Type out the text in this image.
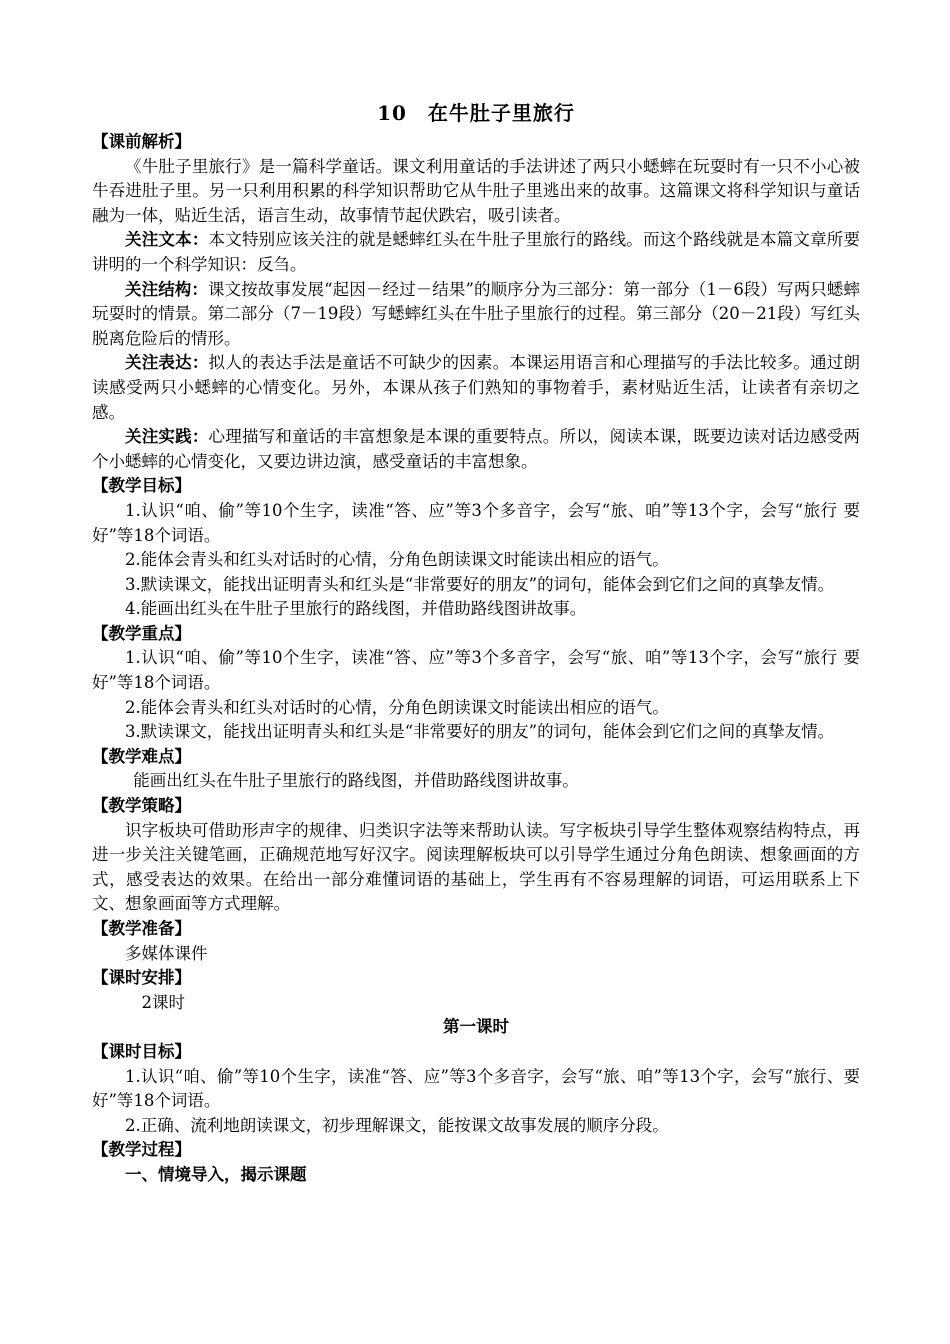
10　在牛肚子里旅行
【课前解析】
《牛肚子里旅行》是一篇科学童话。课文利用童话的手法讲述了两只小蟋蟀在玩耍时有一只不小心被牛吞进肚子里。另一只利用积累的科学知识帮助它从牛肚子里逃出来的故事。这篇课文将科学知识与童话融为一体，贴近生活，语言生动，故事情节起伏跌宕，吸引读者。
关注文本：本文特别应该关注的就是蟋蟀红头在牛肚子里旅行的路线。而这个路线就是本篇文章所要讲明的一个科学知识：反刍。
关注结构：课文按故事发展“起因－经过－结果”的顺序分为三部分：第一部分（1－6段）写两只蟋蟀玩耍时的情景。第二部分（7－19段）写蟋蟀红头在牛肚子里旅行的过程。第三部分（20－21段）写红头脱离危险后的情形。
关注表达：拟人的表达手法是童话不可缺少的因素。本课运用语言和心理描写的手法比较多。通过朗读感受两只小蟋蟀的心情变化。另外，本课从孩子们熟知的事物着手，素材贴近生活，让读者有亲切之感。
关注实践：心理描写和童话的丰富想象是本课的重要特点。所以，阅读本课，既要边读对话边感受两个小蟋蟀的心情变化，又要边讲边演，感受童话的丰富想象。
【教学目标】
1.认识“咱、偷”等10个生字，读准“答、应”等3个多音字，会写“旅、咱”等13个字，会写“旅行 要好”等18个词语。
2.能体会青头和红头对话时的心情，分角色朗读课文时能读出相应的语气。
3.默读课文，能找出证明青头和红头是“非常要好的朋友”的词句，能体会到它们之间的真挚友情。
4.能画出红头在牛肚子里旅行的路线图，并借助路线图讲故事。
【教学重点】
1.认识“咱、偷”等10个生字，读准“答、应”等3个多音字，会写“旅、咱”等13个字，会写“旅行 要好”等18个词语。
2.能体会青头和红头对话时的心情，分角色朗读课文时能读出相应的语气。
3.默读课文，能找出证明青头和红头是“非常要好的朋友”的词句，能体会到它们之间的真挚友情。
【教学难点】
能画出红头在牛肚子里旅行的路线图，并借助路线图讲故事。
【教学策略】
识字板块可借助形声字的规律、归类识字法等来帮助认读。写字板块引导学生整体观察结构特点，再进一步关注关键笔画，正确规范地写好汉字。阅读理解板块可以引导学生通过分角色朗读、想象画面的方式，感受表达的效果。在给出一部分难懂词语的基础上，学生再有不容易理解的词语，可运用联系上下文、想象画面等方式理解。
【教学准备】
多媒体课件
【课时安排】
2课时
第一课时
【课时目标】
1.认识“咱、偷”等10个生字，读准“答、应”等3个多音字，会写“旅、咱”等13个字，会写“旅行、要好”等18个词语。
2.正确、流利地朗读课文，初步理解课文，能按课文故事发展的顺序分段。
【教学过程】
一、情境导入，揭示课题
